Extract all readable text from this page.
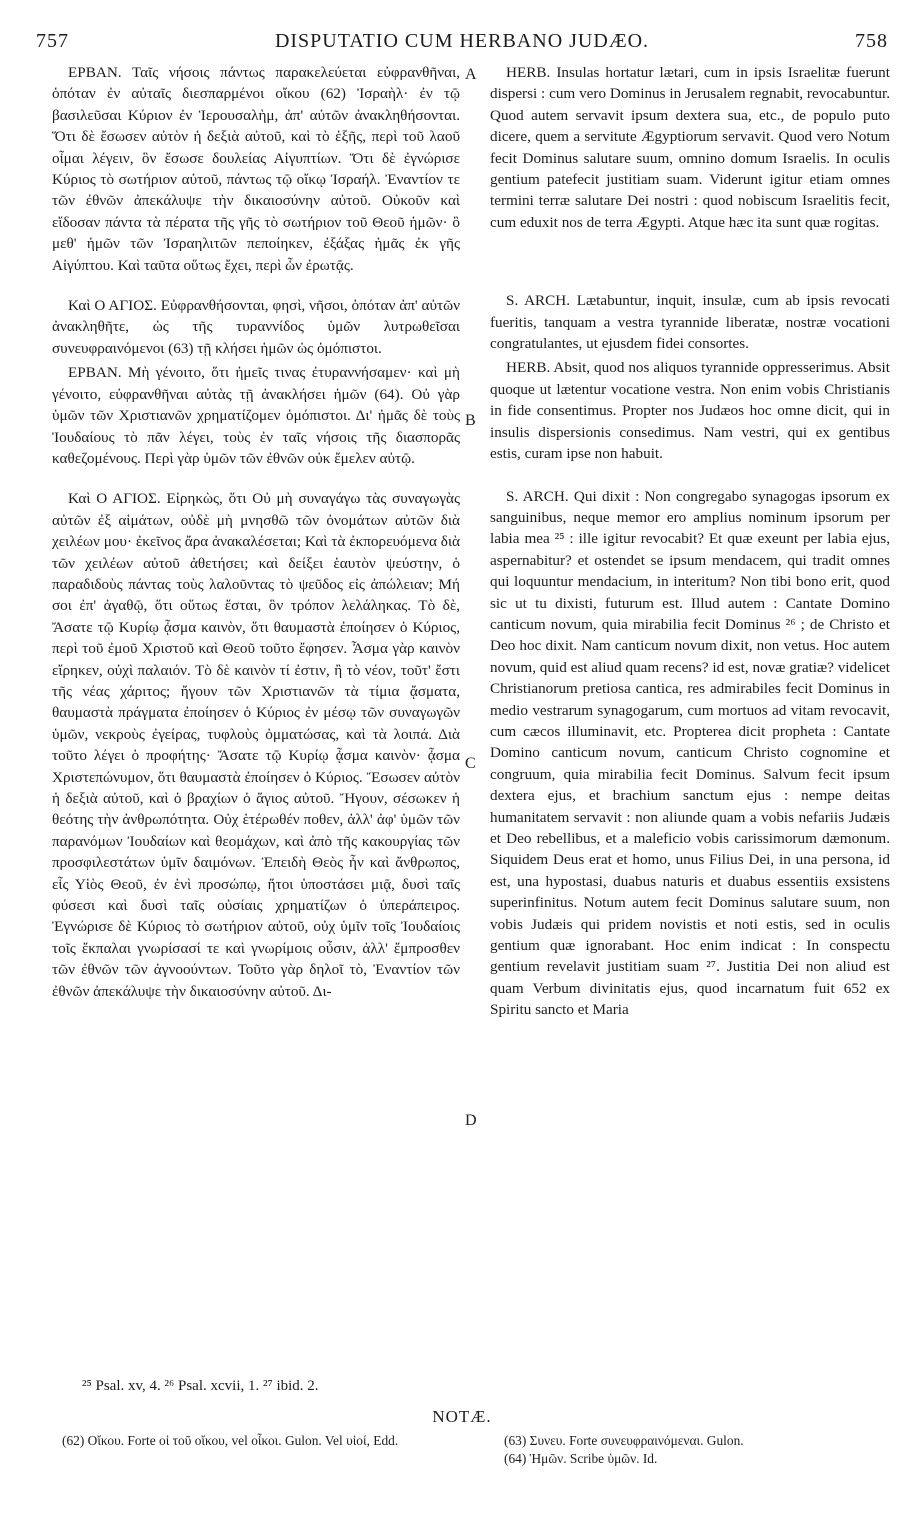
757	DISPUTATIO CUM HERBANO JUDÆO.	758

ΕΡΒΑΝ. Ταῖς νήσοις πάντως παρακελεύεται εὐφρανθῆναι, ὁπόταν ἐν αὐταῖς διεσπαρμένοι οἴκου (62) Ἰσραὴλ· ἐν τῷ βασιλεῦσαι Κύριον ἐν Ἱερουσαλὴμ, ἀπ' αὐτῶν ἀνακληθήσονται. Ὅτι δὲ ἔσωσεν αὐτὸν ἡ δεξιὰ αὐτοῦ, καὶ τὸ ἑξῆς, περὶ τοῦ λαοῦ οἶμαι λέγειν, ὃν ἔσωσε δουλείας Αἰγυπτίων. Ὅτι δὲ ἐγνώρισε Κύριος τὸ σωτήριον αὐτοῦ, πάντως τῷ οἴκῳ Ἰσραήλ. Ἐναντίον τε τῶν ἐθνῶν ἀπεκάλυψε τὴν δικαιοσύνην αὐτοῦ. Οὐκοῦν καὶ εἴδοσαν πάντα τὰ πέρατα τῆς γῆς τὸ σωτήριον τοῦ Θεοῦ ἡμῶν· ὃ μεθ' ἡμῶν τῶν Ἰσραηλιτῶν πεποίηκεν, ἐξάξας ἡμᾶς ἐκ γῆς Αἰγύπτου. Καὶ ταῦτα οὕτως ἔχει, περὶ ὧν ἐρωτᾷς.

Καὶ Ο ΑΓΙΟΣ. Εὐφρανθήσονται, φησὶ, νῆσοι, ὁπόταν ἀπ' αὐτῶν ἀνακληθῆτε, ὡς τῆς τυραννίδος ὑμῶν λυτρωθεῖσαι συνευφραινόμενοι (63) τῇ κλήσει ἡμῶν ὡς ὁμόπιστοι.

ΕΡΒΑΝ. Μὴ γένοιτο, ὅτι ἡμεῖς τινας ἐτυραννήσαμεν· καὶ μὴ γένοιτο, εὐφρανθῆναι αὐτὰς τῇ ἀνακλήσει ἡμῶν (64). Οὐ γὰρ ὑμῶν τῶν Χριστιανῶν χρηματίζομεν ὁμόπιστοι. Δι' ἡμᾶς δὲ τοὺς Ἰουδαίους τὸ πᾶν λέγει, τοὺς ἐν ταῖς νήσοις τῆς διασπορᾶς καθεζομένους. Περὶ γὰρ ὑμῶν τῶν ἐθνῶν οὐκ ἔμελεν αὐτῷ.

Καὶ Ο ΑΓΙΟΣ. Εἰρηκὼς, ὅτι Οὐ μὴ συναγάγω τὰς συναγωγὰς αὐτῶν ἐξ αἱμάτων, οὐδὲ μὴ μνησθῶ τῶν ὀνομάτων αὐτῶν διὰ χειλέων μου· ἐκεῖνος ἄρα ἀνακαλέσεται; Καὶ τὰ ἐκπορευόμενα διὰ τῶν χειλέων αὐτοῦ ἀθετήσει; καὶ δείξει ἑαυτὸν ψεύστην, ὁ παραδιδοὺς πάντας τοὺς λαλοῦντας τὸ ψεῦδος εἰς ἀπώλειαν; Μή σοι ἐπ' ἀγαθῷ, ὅτι οὕτως ἔσται, ὃν τρόπον λελάληκας. Τὸ δὲ, Ἄσατε τῷ Κυρίῳ ᾆσμα καινὸν, ὅτι θαυμαστὰ ἐποίησεν ὁ Κύριος, περὶ τοῦ ἐμοῦ Χριστοῦ καὶ Θεοῦ τοῦτο ἔφησεν. Ἆσμα γὰρ καινὸν εἴρηκεν, οὐχὶ παλαιόν. Τὸ δὲ καινὸν τί ἐστιν, ἢ τὸ νέον, τοῦτ' ἔστι τῆς νέας χάριτος; ἤγουν τῶν Χριστιανῶν τὰ τίμια ᾄσματα, θαυμαστὰ πράγματα ἐποίησεν ὁ Κύριος ἐν μέσῳ τῶν συναγωγῶν ὑμῶν, νεκροὺς ἐγείρας, τυφλοὺς ὀμματώσας, καὶ τὰ λοιπά. Διὰ τοῦτο λέγει ὁ προφήτης· Ἄσατε τῷ Κυρίῳ ᾆσμα καινὸν· ᾆσμα Χριστεπώνυμον, ὅτι θαυμαστὰ ἐποίησεν ὁ Κύριος. Ἔσωσεν αὐτὸν ἡ δεξιὰ αὐτοῦ, καὶ ὁ βραχίων ὁ ἅγιος αὐτοῦ. Ἤγουν, σέσωκεν ἡ θεότης τὴν ἀνθρωπότητα. Οὐχ ἑτέρωθέν ποθεν, ἀλλ' ἀφ' ὑμῶν τῶν παρανόμων Ἰουδαίων καὶ θεομάχων, καὶ ἀπὸ τῆς κακουργίας τῶν προσφιλεστάτων ὑμῖν δαιμόνων. Ἐπειδὴ Θεὸς ἦν καὶ ἄνθρωπος, εἷς Υἱὸς Θεοῦ, ἐν ἑνὶ προσώπῳ, ἤτοι ὑποστάσει μιᾷ, δυσὶ ταῖς φύσεσι καὶ δυσὶ ταῖς οὐσίαις χρηματίζων ὁ ὑπεράπειρος. Ἐγνώρισε δὲ Κύριος τὸ σωτήριον αὐτοῦ, οὐχ ὑμῖν τοῖς Ἰουδαίοις τοῖς ἔκπαλαι γνωρίσασί τε καὶ γνωρίμοις οὖσιν, ἀλλ' ἔμπροσθεν τῶν ἐθνῶν τῶν ἀγνοούντων. Τοῦτο γὰρ δηλοῖ τὸ, Ἐναντίον τῶν ἐθνῶν ἀπεκάλυψε τὴν δικαιοσύνην αὐτοῦ. Δι-

HERB. Insulas hortatur lætari, cum in ipsis Israelitæ fuerunt dispersi : cum vero Dominus in Jerusalem regnabit, revocabuntur. Quod autem servavit ipsum dextera sua, etc., de populo puto dicere, quem a servitute Ægyptiorum servavit. Quod vero Notum fecit Dominus salutare suum, omnino domum Israelis. In oculis gentium patefecit justitiam suam. Viderunt igitur etiam omnes termini terræ salutare Dei nostri : quod nobiscum Israelitis fecit, cum eduxit nos de terra Ægypti. Atque hæc ita sunt quæ rogitas.

S. ARCH. Lætabuntur, inquit, insulæ, cum ab ipsis revocati fueritis, tanquam a vestra tyrannide liberatæ, nostræ vocationi congratulantes, ut ejusdem fidei consortes.

HERB. Absit, quod nos aliquos tyrannide oppresserimus. Absit quoque ut lætentur vocatione vestra. Non enim vobis Christianis in fide consentimus. Propter nos Judæos hoc omne dicit, qui in insulis dispersionis consedimus. Nam vestri, qui ex gentibus estis, curam ipse non habuit.

S. ARCH. Qui dixit : Non congregabo synagogas ipsorum ex sanguinibus, neque memor ero amplius nominum ipsorum per labia mea ²⁵ : ille igitur revocabit? Et quæ exeunt per labia ejus, aspernabitur? et ostendet se ipsum mendacem, qui tradit omnes qui loquuntur mendacium, in interitum? Non tibi bono erit, quod sic ut tu dixisti, futurum est. Illud autem : Cantate Domino canticum novum, quia mirabilia fecit Dominus ²⁶ ; de Christo et Deo hoc dixit. Nam canticum novum dixit, non vetus. Hoc autem novum, quid est aliud quam recens? id est, novæ gratiæ? videlicet Christianorum pretiosa cantica, res admirabiles fecit Dominus in medio vestrarum synagogarum, cum mortuos ad vitam revocavit, cum cæcos illuminavit, etc. Propterea dicit propheta : Cantate Domino canticum novum, canticum Christo cognomine et congruum, quia mirabilia fecit Dominus. Salvum fecit ipsum dextera ejus, et brachium sanctum ejus : nempe deitas humanitatem servavit : non aliunde quam a vobis nefariis Judæis et Deo rebellibus, et a maleficio vobis carissimorum dæmonum. Siquidem Deus erat et homo, unus Filius Dei, in una persona, id est, una hypostasi, duabus naturis et duabus essentiis exsistens superinfinitus. Notum autem fecit Dominus salutare suum, non vobis Judæis qui pridem novistis et noti estis, sed in oculis gentium quæ ignorabant. Hoc enim indicat : In conspectu gentium revelavit justitiam suam ²⁷. Justitia Dei non aliud est quam Verbum divinitatis ejus, quod incarnatum fuit 652 ex Spiritu sancto et Maria

A
B
C
D
²⁵ Psal. xv, 4. ²⁶ Psal. xcvii, 1. ²⁷ ibid. 2.
NOTÆ.
(62) Οἴκου. Forte οἱ τοῦ οἴκου, vel οἶκοι. Gulon. Vel υἱοί, Edd.	(63) Συνευ. Forte συνευφραινόμεναι. Gulon.
(64) Ἡμῶν. Scribe ὑμῶν. Id.
